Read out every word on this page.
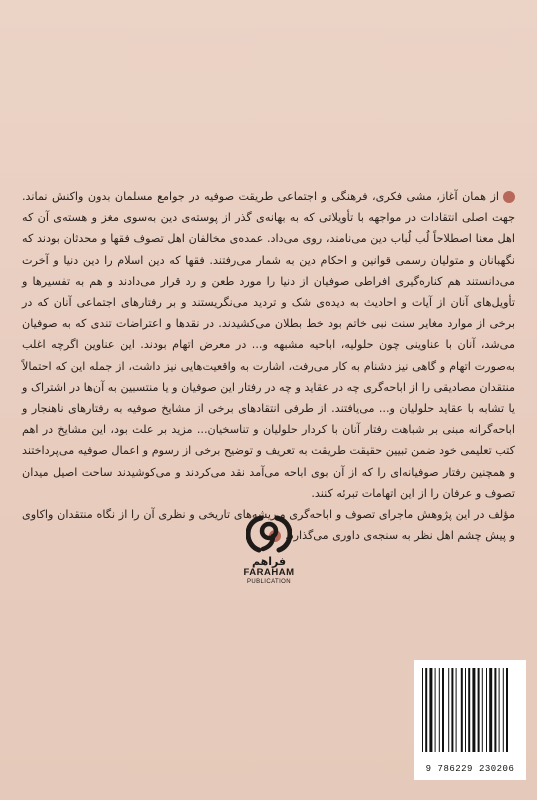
از همان آغاز، مشی فکری، فرهنگی و اجتماعی طریقت صوفیه در جوامع مسلمان بدون واکنش نماند. جهت اصلی انتقادات در مواجهه با تأویلاتی که به بهانه‌ی گذر از پوسته‌ی دین به‌سوی مغز و هسته‌ی آن که اهل معنا اصطلاحاً لُب لُباب دین می‌نامند، روی می‌داد. عمده‌ی مخالفان اهل تصوف فقها و محدثان بودند که نگهبانان و متولیان رسمی قوانین و احکام دین به شمار می‌رفتند. فقها که دین اسلام را دین دنیا و آخرت می‌دانستند هم کناره‌گیری افراطی صوفیان از دنیا را مورد طعن و رد قرار می‌دادند و هم به تفسیرها و تأویل‌های آنان از آیات و احادیث به دیده‌ی شک و تردید می‌نگریستند و بر رفتارهای اجتماعی آنان که در برخی از موارد مغایر سنت نبی خاتم بود خط بطلان می‌کشیدند. در نقدها و اعتراضات تندی که به صوفیان می‌شد، آنان با عناوینی چون حلولیه، اباحیه مشبهه و... در معرض اتهام بودند. این عناوین اگرچه اغلب به‌صورت اتهام و گاهی نیز دشنام به کار می‌رفت، اشارت به واقعیت‌هایی نیز داشت، از جمله این که احتمالاً منتقدان مصادیقی را از اباحه‌گری چه در عقاید و چه در رفتار این صوفیان و یا منتسبین به آن‌ها در اشتراک و یا تشابه با عقاید حلولیان و... می‌یافتند. از طرفی انتقادهای برخی از مشایخ صوفیه به رفتارهای ناهنجار و اباحه‌گرانه مبنی بر شباهت رفتار آنان با کردار حلولیان و تناسخیان... مزید بر علت بود، این مشایخ در اهم کتب تعلیمی خود ضمن تبیین حقیقت طریقت به تعریف و توضیح برخی از رسوم و اعمال صوفیه می‌پرداختند و همچنین رفتار صوفیانه‌ای را که از آن بوی اباحه می‌آمد نقد می‌کردند و می‌کوشیدند ساحت اصیل میدان تصوف و عرفان را از این اتهامات تبرئه کنند.
مؤلف در این پژوهش ماجرای تصوف و اباحه‌گری و ریشه‌های تاریخی و نظری آن را از نگاه منتقدان واکاوی و پیش چشم اهل نظر به سنجه‌ی داوری می‌گذارد.
فراهم
FARAHAM
PUBLICATION
9 786229 230206
